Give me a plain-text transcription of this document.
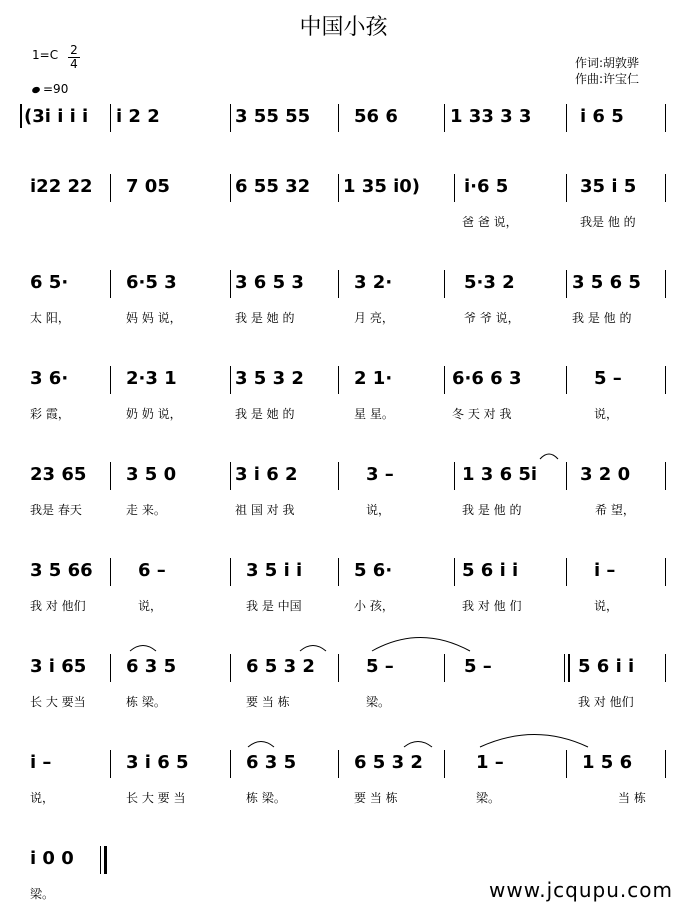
中国小孩
作词:胡敦骅
作曲:许宝仁
1=C 2
4
=90
(3i i i i i 2 2	3 55 55 56 6	1 33 3 3	i 6 5
i22 22 7 05	6 55 32 1 35 i0) i·6 5	35 i 5
爸 爸 说，	我是 他 的
6 5·	6·5 3	3 6 5 3	3 2·	5·3 2	3 5 6 5
太 阳，	妈 妈 说，	我 是 她 的	月 亮，	爷 爷 说，	我 是 他 的
3 6·	2·3 1	3 5 3 2	2 1·	6·6 6 3	5 –
彩 霞，	奶 奶 说，	我 是 她 的	星 星。	冬 天 对 我	说，
23 65 3 5 0	3 i 6 2	3 –	1 3 6 5i 3 2 0
我是 春天	走 来。	祖 国 对 我	说，	我 是 他 的	希 望，
3 5 66	6 –	3 5 i i	5 6·	5 6 i i	i –
我 对 他们	说，	我 是 中国	小 孩，	我 对 他 们	说，
3 i 65 6 3 5	6 5 3 2	5 –	5 –	5 6 i i
长 大 要当	栋 梁。	要 当 栋	梁。	我 对 他们
i –	3 i 6 5	6 3 5	6 5 3 2	1 –	1 5 6
说，	长 大 要 当	栋 梁。	要 当 栋	梁。	当 栋
i 0 0
梁。	www.jcqupu.com
